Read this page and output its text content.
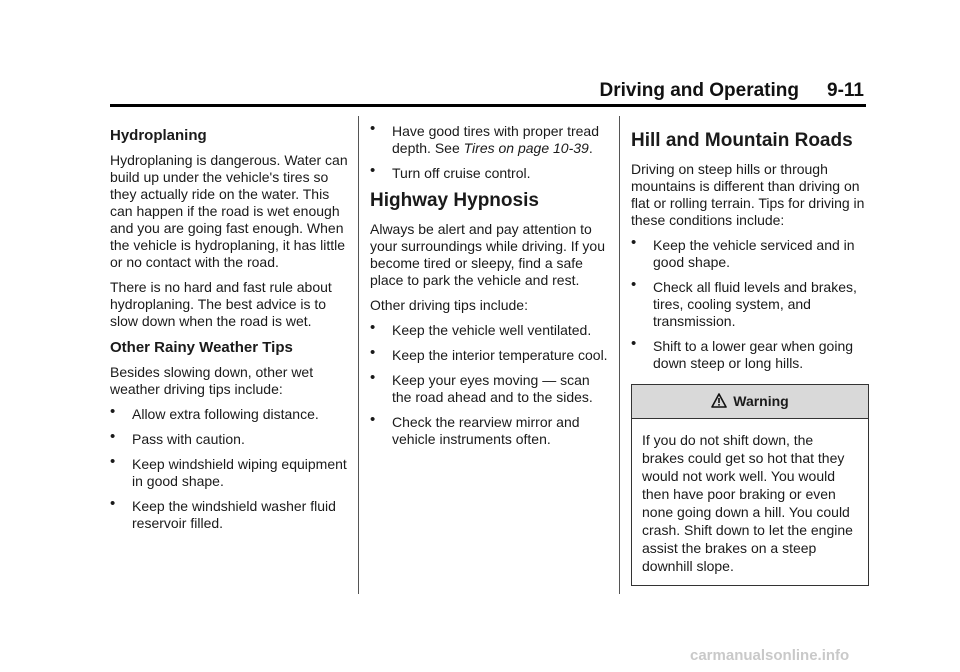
Driving and Operating 9-11
Hydroplaning

Hydroplaning is dangerous. Water can build up under the vehicle's tires so they actually ride on the water. This can happen if the road is wet enough and you are going fast enough. When the vehicle is hydroplaning, it has little or no contact with the road.

There is no hard and fast rule about hydroplaning. The best advice is to slow down when the road is wet.

Other Rainy Weather Tips

Besides slowing down, other wet weather driving tips include:

• Allow extra following distance.
• Pass with caution.
• Keep windshield wiping equipment in good shape.
• Keep the windshield washer fluid reservoir filled.
• Have good tires with proper tread depth. See Tires on page 10-39.
• Turn off cruise control.
Highway Hypnosis

Always be alert and pay attention to your surroundings while driving. If you become tired or sleepy, find a safe place to park the vehicle and rest.

Other driving tips include:

• Keep the vehicle well ventilated.
• Keep the interior temperature cool.
• Keep your eyes moving — scan the road ahead and to the sides.
• Check the rearview mirror and vehicle instruments often.
Hill and Mountain Roads

Driving on steep hills or through mountains is different than driving on flat or rolling terrain. Tips for driving in these conditions include:

• Keep the vehicle serviced and in good shape.
• Check all fluid levels and brakes, tires, cooling system, and transmission.
• Shift to a lower gear when going down steep or long hills.
Warning
If you do not shift down, the brakes could get so hot that they would not work well. You would then have poor braking or even none going down a hill. You could crash. Shift down to let the engine assist the brakes on a steep downhill slope.
carmanualsonline.info
